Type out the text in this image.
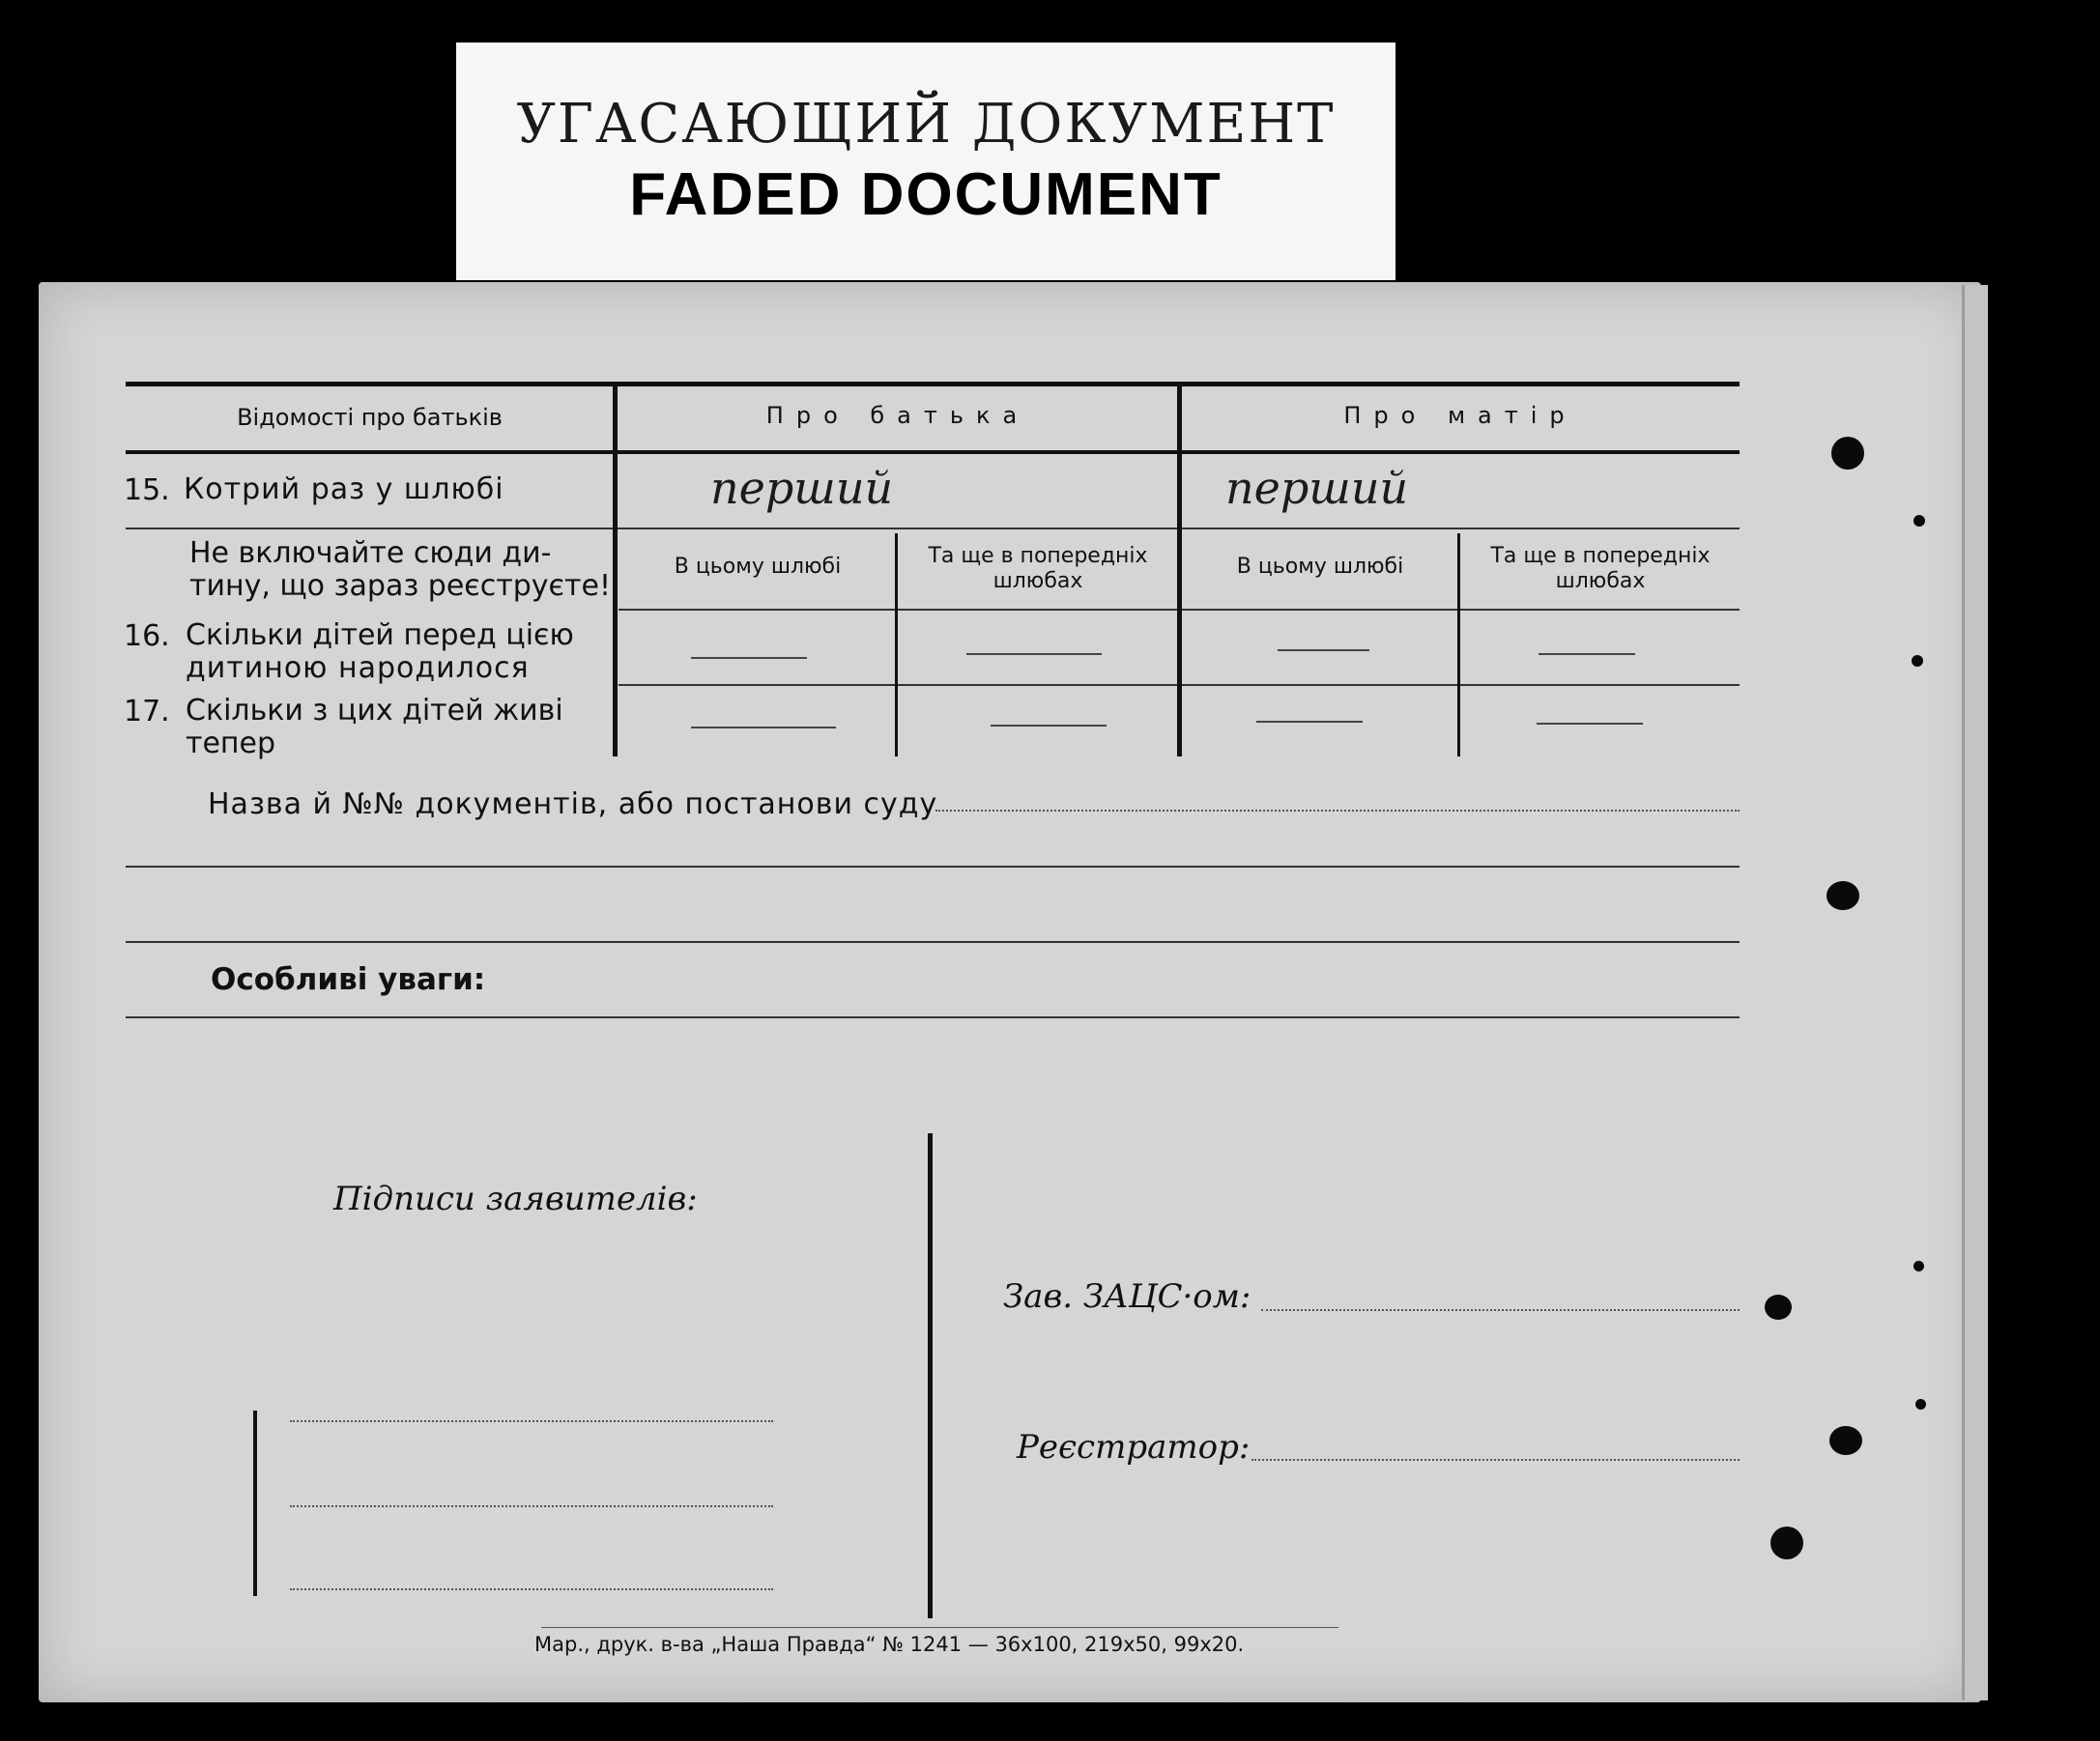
УГАСАЮЩИЙ ДОКУМЕНТ
FADED DOCUMENT
Відомості про батьків	Про батька	Про матір
15. Котрий раз у шлюбі	перший	перший
Не включайте сюди ди-
тину, що зараз реєструєте!
В цьому шлюбі	Та ще в попередніх
шлюбах
В цьому шлюбі	Та ще в попередніх
шлюбах
16. Скільки дітей перед цією
дитиною народилося
17. Скільки з цих дітей живі
тепер
Назва й №№ документів, або постанови суду
Особливі уваги:
Підписи заявителів:
Зав. ЗАЦС·ом:
Реєстратор:
Мар., друк. в-ва „Наша Правда“ № 1241 — 36х100, 219х50, 99х20.
